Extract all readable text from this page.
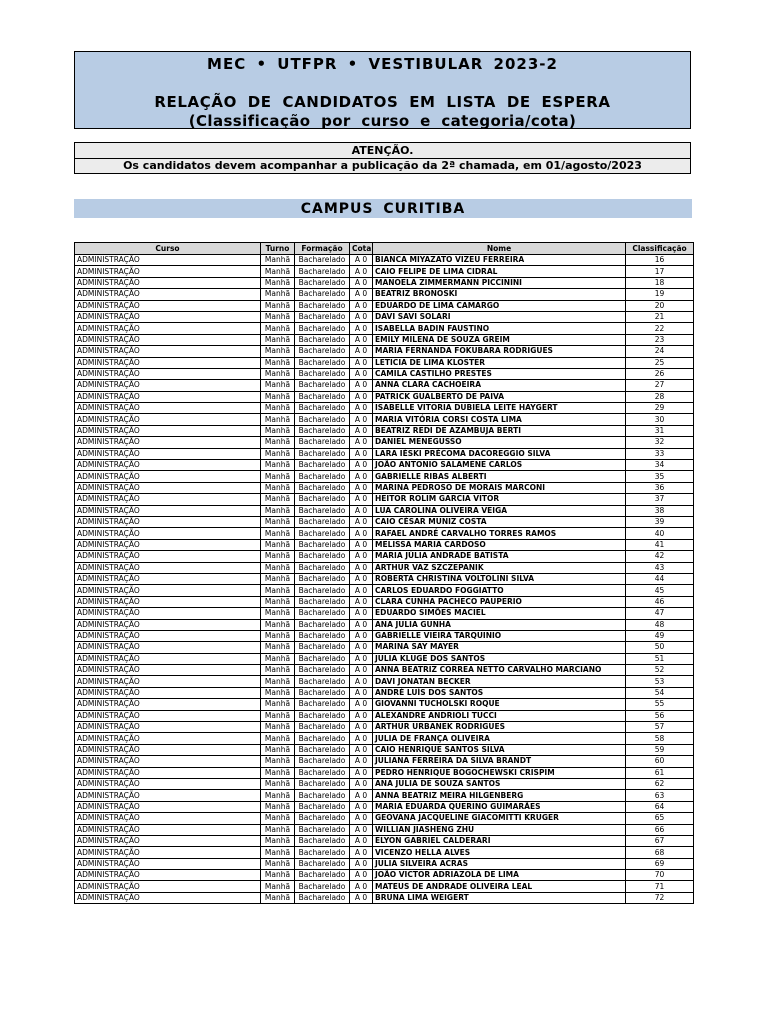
MEC • UTFPR • VESTIBULAR 2023-2
RELAÇÃO DE CANDIDATOS EM LISTA DE ESPERA
(Classificação por curso e categoria/cota)
ATENÇÃO.
Os candidatos devem acompanhar a publicação da 2ª chamada, em 01/agosto/2023
CAMPUS CURITIBA
Curso	Turno	Formação	Cota	Nome	Classificação
ADMINISTRAÇÃO	Manhã	Bacharelado	A 0	BIANCA MIYAZATO VIZEU FERREIRA	16
ADMINISTRAÇÃO	Manhã	Bacharelado	A 0	CAIO FELIPE DE LIMA CIDRAL	17
ADMINISTRAÇÃO	Manhã	Bacharelado	A 0	MANOELA ZIMMERMANN PICCININI	18
ADMINISTRAÇÃO	Manhã	Bacharelado	A 0	BEATRIZ BRONOSKI	19
ADMINISTRAÇÃO	Manhã	Bacharelado	A 0	EDUARDO DE LIMA CAMARGO	20
ADMINISTRAÇÃO	Manhã	Bacharelado	A 0	DAVI SAVI SOLARI	21
ADMINISTRAÇÃO	Manhã	Bacharelado	A 0	ISABELLA BADIN FAUSTINO	22
ADMINISTRAÇÃO	Manhã	Bacharelado	A 0	EMILY MILENA DE SOUZA GREIM	23
ADMINISTRAÇÃO	Manhã	Bacharelado	A 0	MARIA FERNANDA FOKUBARA RODRIGUES	24
ADMINISTRAÇÃO	Manhã	Bacharelado	A 0	LETICIA DE LIMA KLOSTER	25
ADMINISTRAÇÃO	Manhã	Bacharelado	A 0	CAMILA CASTILHO PRESTES	26
ADMINISTRAÇÃO	Manhã	Bacharelado	A 0	ANNA CLARA CACHOEIRA	27
ADMINISTRAÇÃO	Manhã	Bacharelado	A 0	PATRICK GUALBERTO DE PAIVA	28
ADMINISTRAÇÃO	Manhã	Bacharelado	A 0	ISABELLE VITORIA DUBIELA LEITE HAYGERT	29
ADMINISTRAÇÃO	Manhã	Bacharelado	A 0	MARIA VITÓRIA CORSI COSTA LIMA	30
ADMINISTRAÇÃO	Manhã	Bacharelado	A 0	BEATRIZ REDI DE AZAMBUJA BERTI	31
ADMINISTRAÇÃO	Manhã	Bacharelado	A 0	DANIEL MENEGUSSO	32
ADMINISTRAÇÃO	Manhã	Bacharelado	A 0	LARA IÉSKI PRÉCOMA DACOREGGIO SILVA	33
ADMINISTRAÇÃO	Manhã	Bacharelado	A 0	JOÃO ANTONIO SALAMENE CARLOS	34
ADMINISTRAÇÃO	Manhã	Bacharelado	A 0	GABRIELLE RIBAS ALBERTI	35
ADMINISTRAÇÃO	Manhã	Bacharelado	A 0	MARINA PEDROSO DE MORAIS MARCONI	36
ADMINISTRAÇÃO	Manhã	Bacharelado	A 0	HEITOR ROLIM GARCIA VITOR	37
ADMINISTRAÇÃO	Manhã	Bacharelado	A 0	LUA CAROLINA OLIVEIRA VEIGA	38
ADMINISTRAÇÃO	Manhã	Bacharelado	A 0	CAIO CÉSAR MUNIZ COSTA	39
ADMINISTRAÇÃO	Manhã	Bacharelado	A 0	RAFAEL ANDRÉ CARVALHO TORRES RAMOS	40
ADMINISTRAÇÃO	Manhã	Bacharelado	A 0	MELISSA MARIA CARDOSO	41
ADMINISTRAÇÃO	Manhã	Bacharelado	A 0	MARIA JÚLIA ANDRADE BATISTA	42
ADMINISTRAÇÃO	Manhã	Bacharelado	A 0	ARTHUR VAZ SZCZEPANIK	43
ADMINISTRAÇÃO	Manhã	Bacharelado	A 0	ROBERTA CHRISTINA VOLTOLINI SILVA	44
ADMINISTRAÇÃO	Manhã	Bacharelado	A 0	CARLOS EDUARDO FOGGIATTO	45
ADMINISTRAÇÃO	Manhã	Bacharelado	A 0	CLARA CUNHA PACHECO PAUPERIO	46
ADMINISTRAÇÃO	Manhã	Bacharelado	A 0	EDUARDO SIMÕES MACIEL	47
ADMINISTRAÇÃO	Manhã	Bacharelado	A 0	ANA JULIA GUNHA	48
ADMINISTRAÇÃO	Manhã	Bacharelado	A 0	GABRIELLE VIEIRA TARQUINIO	49
ADMINISTRAÇÃO	Manhã	Bacharelado	A 0	MARINA SAY MAYER	50
ADMINISTRAÇÃO	Manhã	Bacharelado	A 0	JULIA KLUGE DOS SANTOS	51
ADMINISTRAÇÃO	Manhã	Bacharelado	A 0	ANNA BEATRIZ CORREA NETTO CARVALHO MARCIANO	52
ADMINISTRAÇÃO	Manhã	Bacharelado	A 0	DAVI JONATAN BECKER	53
ADMINISTRAÇÃO	Manhã	Bacharelado	A 0	ANDRÉ LUÍS DOS SANTOS	54
ADMINISTRAÇÃO	Manhã	Bacharelado	A 0	GIOVANNI TUCHOLSKI ROQUE	55
ADMINISTRAÇÃO	Manhã	Bacharelado	A 0	ALEXANDRE ANDRIOLI TUCCI	56
ADMINISTRAÇÃO	Manhã	Bacharelado	A 0	ARTHUR URBANEK RODRIGUES	57
ADMINISTRAÇÃO	Manhã	Bacharelado	A 0	JULIA DE FRANÇA OLIVEIRA	58
ADMINISTRAÇÃO	Manhã	Bacharelado	A 0	CAIO HENRIQUE SANTOS SILVA	59
ADMINISTRAÇÃO	Manhã	Bacharelado	A 0	JULIANA FERREIRA DA SILVA BRANDT	60
ADMINISTRAÇÃO	Manhã	Bacharelado	A 0	PEDRO HENRIQUE BOGOCHEWSKI CRISPIM	61
ADMINISTRAÇÃO	Manhã	Bacharelado	A 0	ANA JULIA DE SOUZA SANTOS	62
ADMINISTRAÇÃO	Manhã	Bacharelado	A 0	ANNA BEATRIZ MEIRA HILGENBERG	63
ADMINISTRAÇÃO	Manhã	Bacharelado	A 0	MARIA EDUARDA QUERINO GUIMARÃES	64
ADMINISTRAÇÃO	Manhã	Bacharelado	A 0	GEOVANA JACQUELINE GIACOMITTI KRUGER	65
ADMINISTRAÇÃO	Manhã	Bacharelado	A 0	WILLIAN JIASHENG ZHU	66
ADMINISTRAÇÃO	Manhã	Bacharelado	A 0	ELYON GABRIEL CALDERARI	67
ADMINISTRAÇÃO	Manhã	Bacharelado	A 0	VICENZO HELLA ALVES	68
ADMINISTRAÇÃO	Manhã	Bacharelado	A 0	JULIA SILVEIRA ACRAS	69
ADMINISTRAÇÃO	Manhã	Bacharelado	A 0	JOÃO VICTOR ADRIAZOLA DE LIMA	70
ADMINISTRAÇÃO	Manhã	Bacharelado	A 0	MATEUS DE ANDRADE OLIVEIRA LEAL	71
ADMINISTRAÇÃO	Manhã	Bacharelado	A 0	BRUNA LIMA WEIGERT	72
